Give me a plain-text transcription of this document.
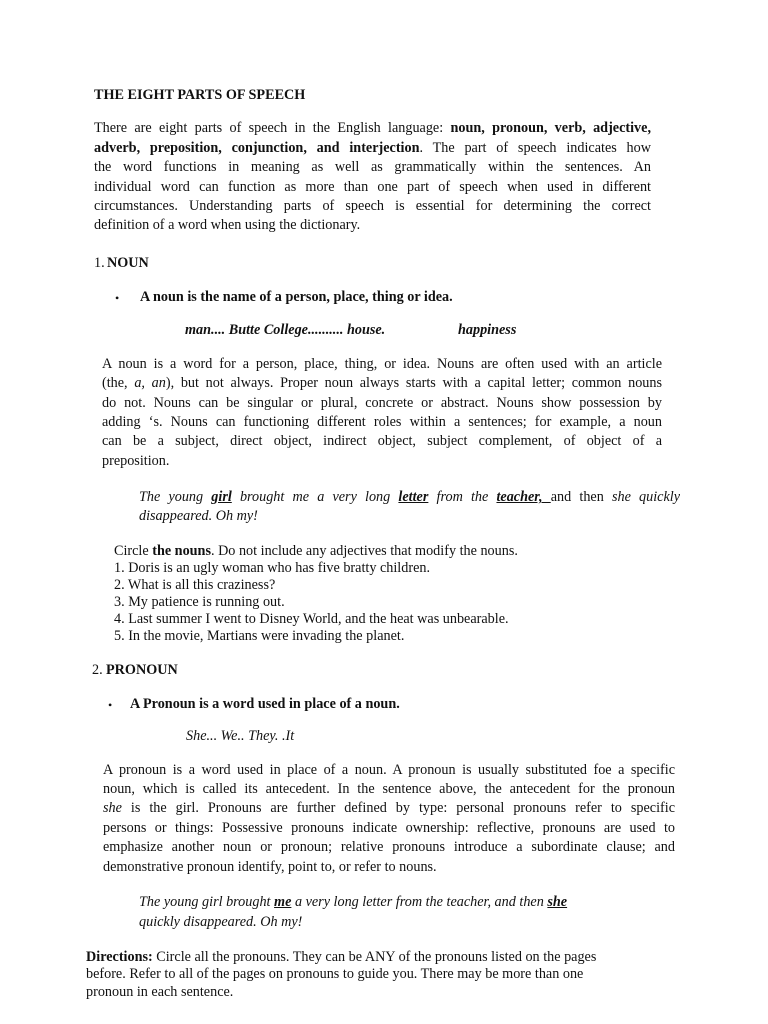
THE EIGHT PARTS OF SPEECH
There are eight parts of speech in the English language: noun, pronoun, verb, adjective,
adverb, preposition, conjunction, and interjection. The part of speech indicates how
the word functions in meaning as well as grammatically within the sentences. An
individual word can function as more than one part of speech when used in different
circumstances. Understanding parts of speech is essential for determining the correct
definition of a word when using the dictionary.
1. NOUN
• A noun is the name of a person, place, thing or idea.
man.... Butte College.......... house.	happiness
A noun is a word for a person, place, thing, or idea. Nouns are often used with an article
(the, a, an), but not always. Proper noun always starts with a capital letter; common nouns
do not. Nouns can be singular or plural, concrete or abstract. Nouns show possession by
adding ‘s. Nouns can functioning different roles within a sentences; for example, a noun
can be a subject, direct object, indirect object, subject complement, of object of a
preposition.
The young girl brought me a very long letter from the teacher, and then she quickly
disappeared. Oh my!
Circle the nouns. Do not include any adjectives that modify the nouns.
1. Doris is an ugly woman who has five bratty children.
2. What is all this craziness?
3. My patience is running out.
4. Last summer I went to Disney World, and the heat was unbearable.
5. In the movie, Martians were invading the planet.
2. PRONOUN
• A Pronoun is a word used in place of a noun.
She... We.. They. .It
A pronoun is a word used in place of a noun. A pronoun is usually substituted foe a specific
noun, which is called its antecedent. In the sentence above, the antecedent for the pronoun
she is the girl. Pronouns are further defined by type: personal pronouns refer to specific
persons or things: Possessive pronouns indicate ownership: reflective, pronouns are used to
emphasize another noun or pronoun; relative pronouns introduce a subordinate clause; and
demonstrative pronoun identify, point to, or refer to nouns.
The young girl brought me a very long letter from the teacher, and then she
quickly disappeared. Oh my!
Directions: Circle all the pronouns. They can be ANY of the pronouns listed on the pages
before. Refer to all of the pages on pronouns to guide you. There may be more than one
pronoun in each sentence.
